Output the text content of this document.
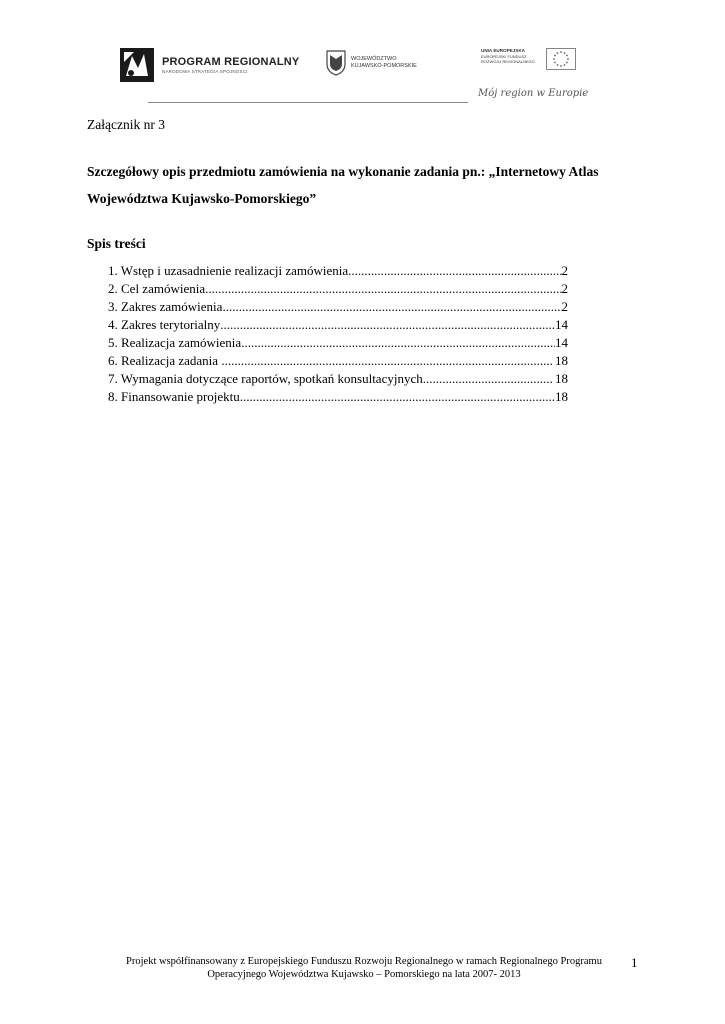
PROGRAM REGIONALNY
NARODOWA STRATEGIA SPÓJNOŚCI
WOJEWÓDZTWO
KUJAWSKO-POMORSKIE
UNIA EUROPEJSKA
EUROPEJSKI FUNDUSZ
ROZWOJU REGIONALNEGO
Mój region w Europie
Załącznik nr 3
Szczegółowy opis przedmiotu zamówienia na wykonanie zadania pn.: „Internetowy Atlas Województwa Kujawsko-Pomorskiego”
Spis treści
1. Wstęp i uzasadnienie realizacji zamówienia .....	2
2. Cel zamówienia .....	2
3. Zakres zamówienia .....	2
4. Zakres terytorialny .....	14
5. Realizacja zamówienia .....	14
6. Realizacja zadania .....	18
7. Wymagania dotyczące raportów, spotkań konsultacyjnych .....	18
8. Finansowanie projektu .....	18
Projekt współfinansowany z Europejskiego Funduszu Rozwoju Regionalnego w ramach Regionalnego Programu
Operacyjnego Województwa Kujawsko – Pomorskiego na lata 2007- 2013
1
